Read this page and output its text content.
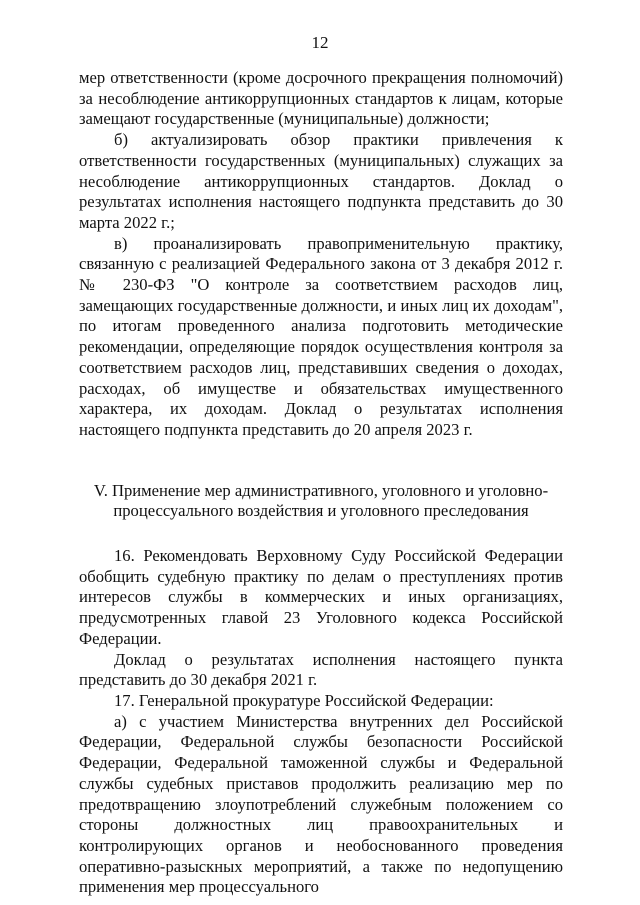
12

мер ответственности (кроме досрочного прекращения полномочий) за несоблюдение антикоррупционных стандартов к лицам, которые замещают государственные (муниципальные) должности;

б) актуализировать обзор практики привлечения к ответственности государственных (муниципальных) служащих за несоблюдение антикоррупционных стандартов. Доклад о результатах исполнения настоящего подпункта представить до 30 марта 2022 г.;

в) проанализировать правоприменительную практику, связанную с реализацией Федерального закона от 3 декабря 2012 г. № 230-ФЗ "О контроле за соответствием расходов лиц, замещающих государственные должности, и иных лиц их доходам", по итогам проведенного анализа подготовить методические рекомендации, определяющие порядок осуществления контроля за соответствием расходов лиц, представивших сведения о доходах, расходах, об имуществе и обязательствах имущественного характера, их доходам. Доклад о результатах исполнения настоящего подпункта представить до 20 апреля 2023 г.

V. Применение мер административного, уголовного и уголовно-
процессуального воздействия и уголовного преследования

16. Рекомендовать Верховному Суду Российской Федерации обобщить судебную практику по делам о преступлениях против интересов службы в коммерческих и иных организациях, предусмотренных главой 23 Уголовного кодекса Российской Федерации.

Доклад о результатах исполнения настоящего пункта представить до 30 декабря 2021 г.

17. Генеральной прокуратуре Российской Федерации:

а) с участием Министерства внутренних дел Российской Федерации, Федеральной службы безопасности Российской Федерации, Федеральной таможенной службы и Федеральной службы судебных приставов продолжить реализацию мер по предотвращению злоупотреблений служебным положением со стороны должностных лиц правоохранительных и контролирующих органов и необоснованного проведения оперативно-разыскных мероприятий, а также по недопущению применения мер процессуального
